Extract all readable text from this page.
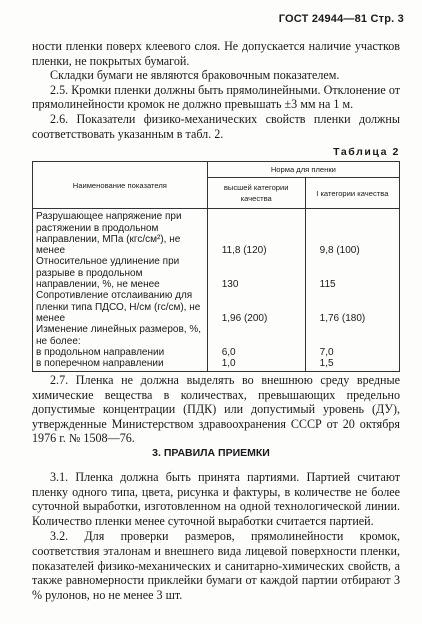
ГОСТ 24944—81 Стр. 3

ности пленки поверх клеевого слоя. Не допускается наличие участков пленки, не покрытых бумагой.

Складки бумаги не являются браковочным показателем.

2.5. Кромки пленки должны быть прямолинейными. Отклонение от прямолинейности кромок не должно превышать ±3 мм на 1 м.

2.6. Показатели физико-механических свойств пленки должны соответствовать указанным в табл. 2.

Таблица 2
Наименование показателя	Норма для пленки	
	высшей категории качества	I категории качества
Разрушающее напряжение при растяжении в продольном направлении, МПа (кгс/см²), не менее	11,8 (120)	9,8 (100)
Относительное удлинение при разрыве в продольном направлении, %, не менее	130	115
Сопротивление отслаиванию для пленки типа ПДСО, Н/см (гс/см), не менее	1,96 (200)	1,76 (180)
Изменение линейных размеров, %, не более:		
в продольном направлении	6,0	7,0
в поперечном направлении	1,0	1,5

2.7. Пленка не должна выделять во внешнюю среду вредные химические вещества в количествах, превышающих предельно допустимые концентрации (ПДК) или допустимый уровень (ДУ), утвержденные Министерством здравоохранения СССР от 20 октября 1976 г. № 1508—76.

3. ПРАВИЛА ПРИЕМКИ

3.1. Пленка должна быть принята партиями. Партией считают пленку одного типа, цвета, рисунка и фактуры, в количестве не более суточной выработки, изготовленном на одной технологической линии. Количество пленки менее суточной выработки считается партией.

3.2. Для проверки размеров, прямолинейности кромок, соответствия эталонам и внешнего вида лицевой поверхности пленки, показателей физико-механических и санитарно-химических свойств, а также равномерности приклейки бумаги от каждой партии отбирают 3 % рулонов, но не менее 3 шт.
